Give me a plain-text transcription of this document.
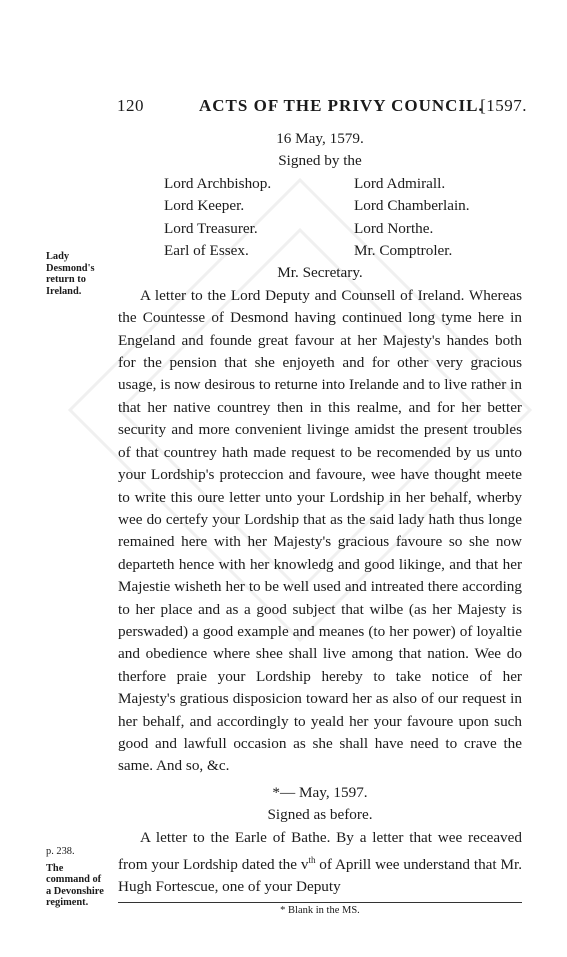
120	ACTS OF THE PRIVY COUNCIL.
[1597.
16 May, 1579.
Signed by the
Lord Archbishop.	Lord Admirall.
Lord Keeper.	Lord Chamberlain.
Lord Treasurer.	Lord Northe.
Earl of Essex.	Mr. Comptroler.
Mr. Secretary.

A letter to the Lord Deputy and Counsell of Ireland. Whereas the Countesse of Desmond having continued long tyme here in Engeland and founde great favour at her Majesty's handes both for the pension that she enjoyeth and for other very gracious usage, is now desirous to returne into Irelande and to live rather in that her native countrey then in this realme, and for her better security and more convenient livinge amidst the present troubles of that countrey hath made request to be recomended by us unto your Lordship's proteccion and favoure, wee have thought meete to write this oure letter unto your Lordship in her behalf, wherby wee do certefy your Lordship that as the said lady hath thus longe remained here with her Majesty's gracious favoure so she now departeth hence with her knowledg and good likinge, and that her Majestie wisheth her to be well used and intreated there according to her place and as a good subject that wilbe (as her Majesty is perswaded) a good example and meanes (to her power) of loyaltie and obedience where shee shall live among that nation. Wee do therfore praie your Lordship hereby to take notice of her Majesty's gratious disposicion toward her as also of our request in her behalf, and accordingly to yeald her your favoure upon such good and lawfull occasion as she shall have need to crave the same. And so, &c.

*— May, 1597.
Signed as before.

A letter to the Earle of Bathe. By a letter that wee receaved from your Lordship dated the $v^{th}$ of Aprill wee understand that Mr. Hugh Fortescue, one of your Deputy

* Blank in the MS.
Lady
Desmond's
return to
Ireland.
p. 238.
The
command of
a Devonshire
regiment.
